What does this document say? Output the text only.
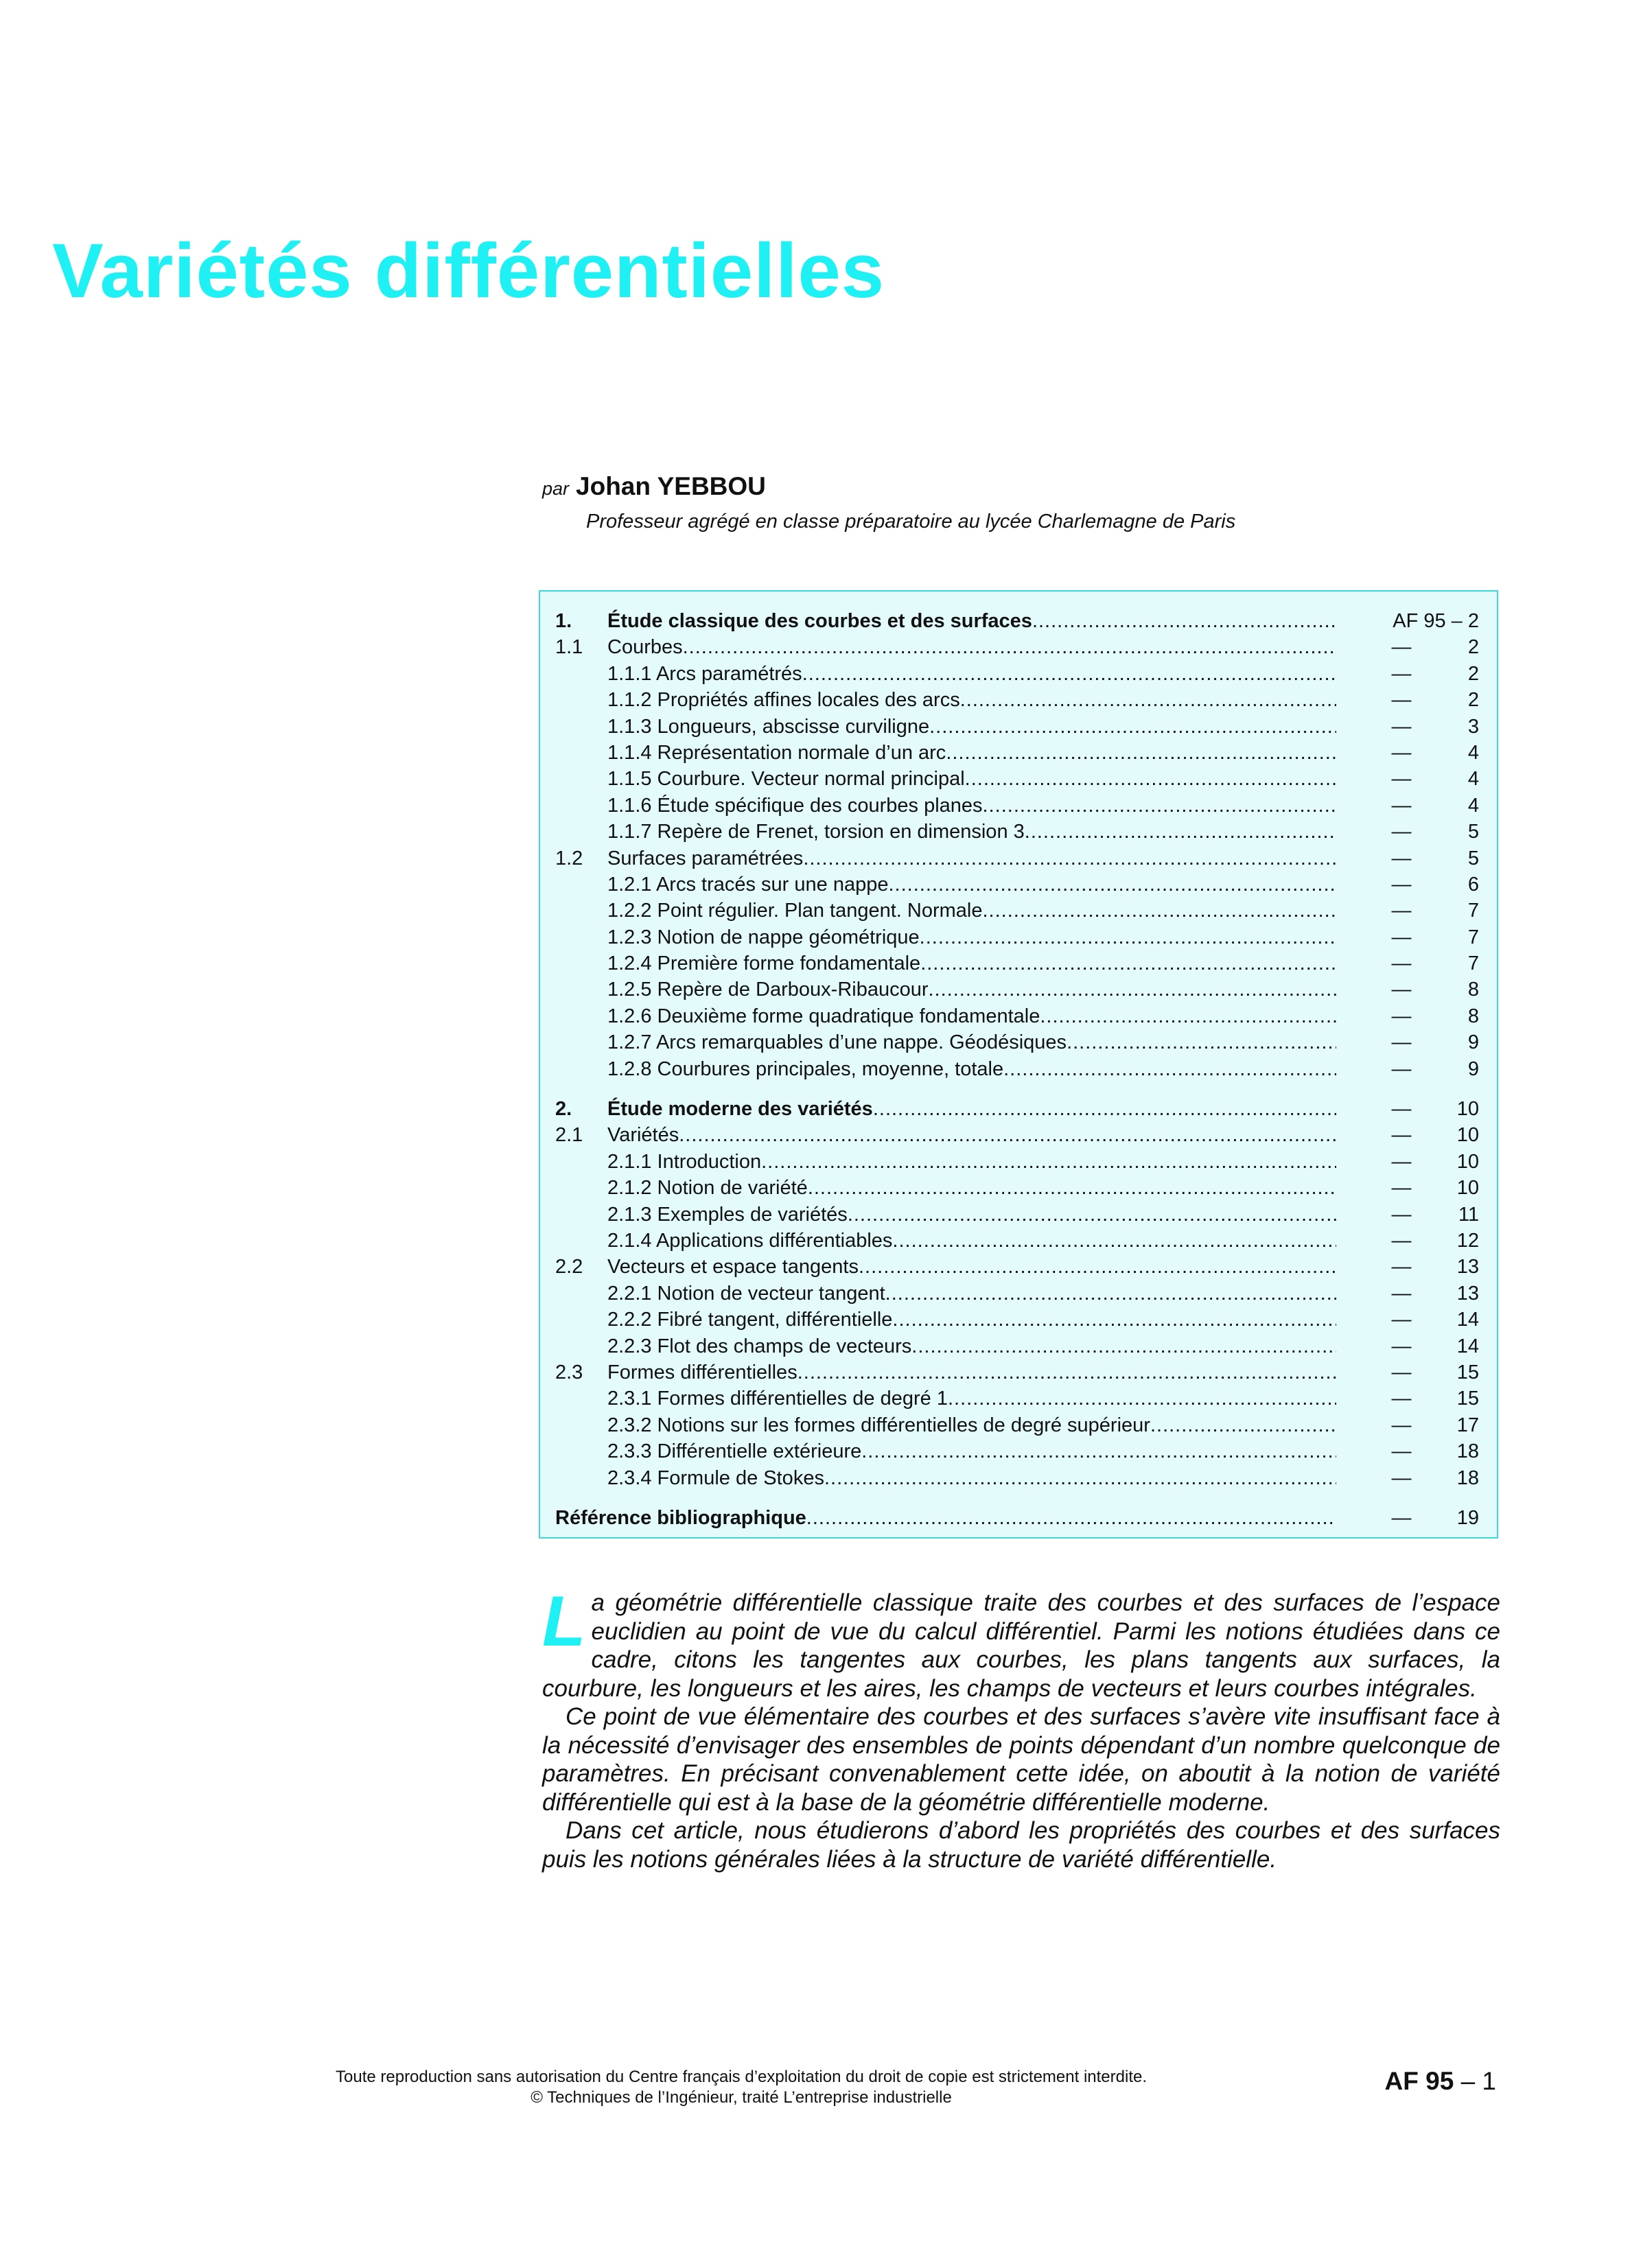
Variétés différentielles
par Johan YEBBOU
Professeur agrégé en classe préparatoire au lycée Charlemagne de Paris
1.	Étude classique des courbes et des surfaces .....	AF 95 – 2
1.1	Courbes .....	—	2
1.1.1 Arcs paramétrés .....	—	2
1.1.2 Propriétés affines locales des arcs .....	—	2
1.1.3 Longueurs, abscisse curviligne .....	—	3
1.1.4 Représentation normale d’un arc .....	—	4
1.1.5 Courbure. Vecteur normal principal .....	—	4
1.1.6 Étude spécifique des courbes planes .....	—	4
1.1.7 Repère de Frenet, torsion en dimension 3 .....	—	5
1.2	Surfaces paramétrées .....	—	5
1.2.1 Arcs tracés sur une nappe .....	—	6
1.2.2 Point régulier. Plan tangent. Normale .....	—	7
1.2.3 Notion de nappe géométrique .....	—	7
1.2.4 Première forme fondamentale .....	—	7
1.2.5 Repère de Darboux-Ribaucour .....	—	8
1.2.6 Deuxième forme quadratique fondamentale .....	—	8
1.2.7 Arcs remarquables d’une nappe. Géodésiques .....	—	9
1.2.8 Courbures principales, moyenne, totale .....	—	9
2.	Étude moderne des variétés .....	— 10
2.1	Variétés .....	— 10
2.1.1 Introduction .....	— 10
2.1.2 Notion de variété .....	— 10
2.1.3 Exemples de variétés .....	— 11
2.1.4 Applications différentiables .....	— 12
2.2	Vecteurs et espace tangents .....	— 13
2.2.1 Notion de vecteur tangent .....	— 13
2.2.2 Fibré tangent, différentielle .....	— 14
2.2.3 Flot des champs de vecteurs .....	— 14
2.3	Formes différentielles .....	— 15
2.3.1 Formes différentielles de degré 1 .....	— 15
2.3.2 Notions sur les formes différentielles de degré supérieur .....	— 17
2.3.3 Différentielle extérieure .....	— 18
2.3.4 Formule de Stokes .....	— 18
Référence bibliographique .....	— 19

La géométrie différentielle classique traite des courbes et des surfaces de l’espace euclidien au point de vue du calcul différentiel. Parmi les notions étudiées dans ce cadre, citons les tangentes aux courbes, les plans tangents aux surfaces, la courbure, les longueurs et les aires, les champs de vecteurs et leurs courbes intégrales.

Ce point de vue élémentaire des courbes et des surfaces s’avère vite insuffisant face à la nécessité d’envisager des ensembles de points dépendant d’un nombre quelconque de paramètres. En précisant convenablement cette idée, on aboutit à la notion de variété différentielle qui est à la base de la géométrie différentielle moderne.

Dans cet article, nous étudierons d’abord les propriétés des courbes et des surfaces puis les notions générales liées à la structure de variété différentielle.

Toute reproduction sans autorisation du Centre français d’exploitation du droit de copie est strictement interdite.
© Techniques de l’Ingénieur, traité L’entreprise industrielle
AF 95 – 1
